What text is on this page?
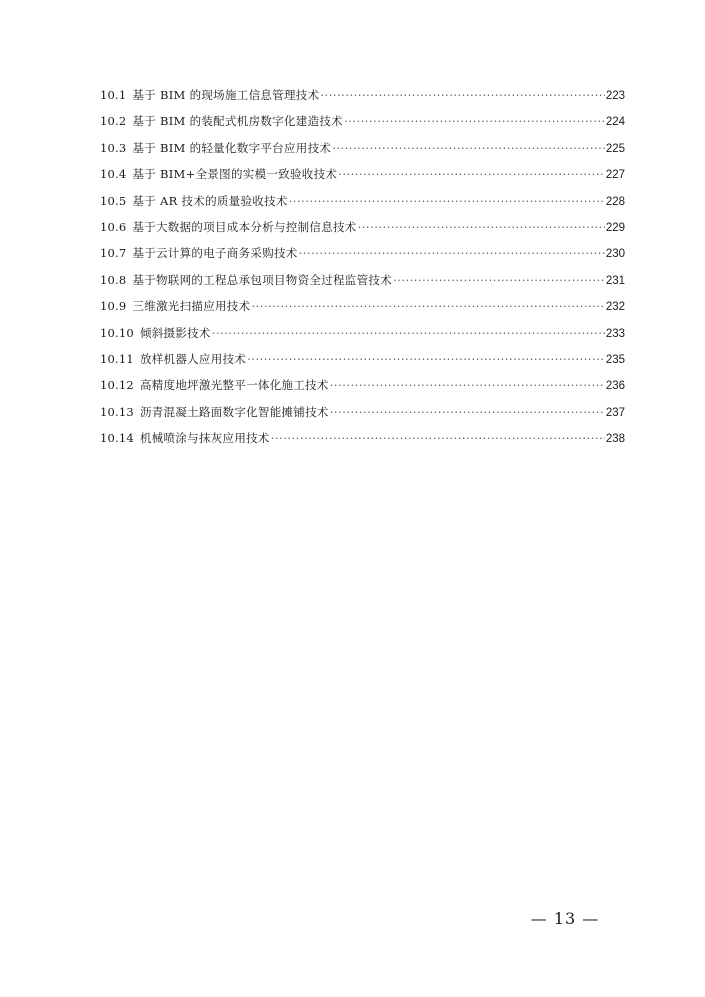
10.1 基于 BIM 的现场施工信息管理技术 ·····	223
10.2 基于 BIM 的装配式机房数字化建造技术 ·····	224
10.3 基于 BIM 的轻量化数字平台应用技术 ·····	225
10.4 基于 BIM+全景图的实模一致验收技术 ·····	227
10.5 基于 AR 技术的质量验收技术 ·····	228
10.6 基于大数据的项目成本分析与控制信息技术 ·····	229
10.7 基于云计算的电子商务采购技术 ·····	230
10.8 基于物联网的工程总承包项目物资全过程监管技术 ·····	231
10.9 三维激光扫描应用技术 ·····	232
10.10 倾斜摄影技术 ·····	233
10.11 放样机器人应用技术 ·····	235
10.12 高精度地坪激光整平一体化施工技术 ·····	236
10.13 沥青混凝土路面数字化智能摊铺技术 ·····	237
10.14 机械喷涂与抹灰应用技术 ·····	238
— 13 —
